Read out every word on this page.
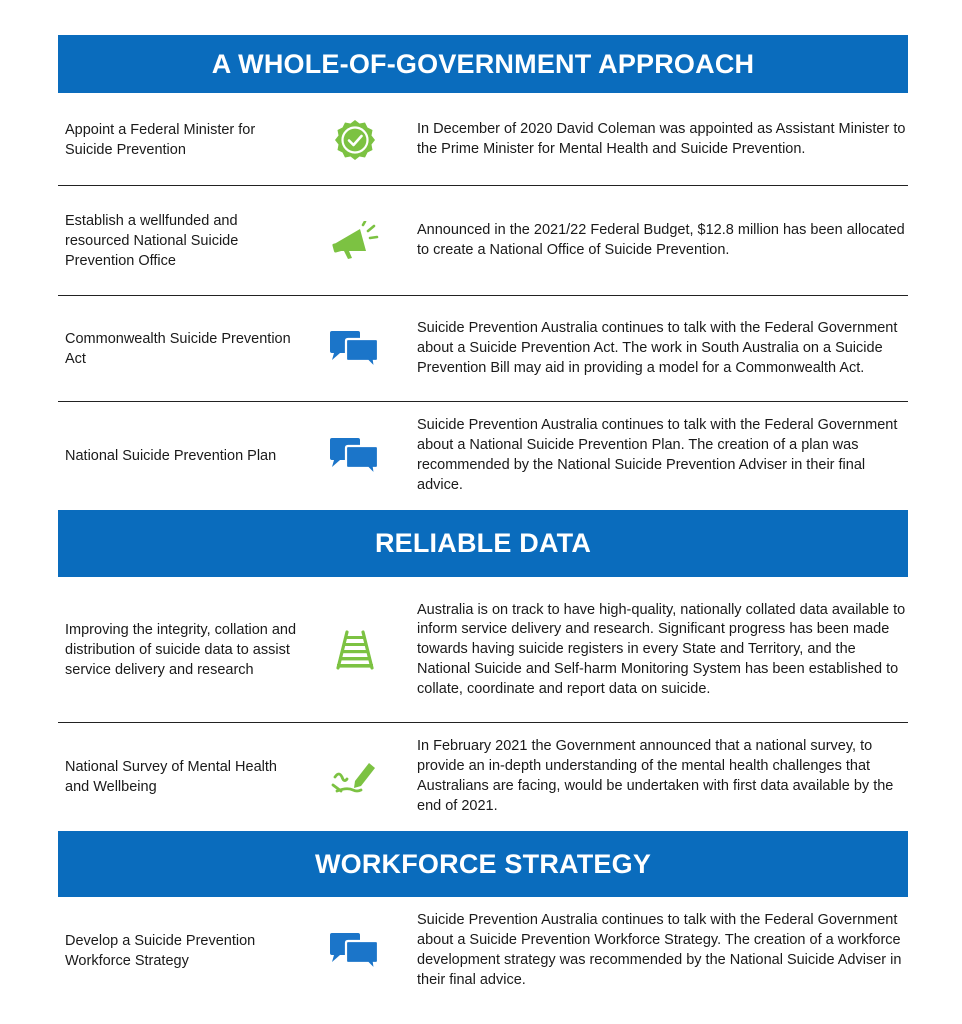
A WHOLE-OF-GOVERNMENT APPROACH
Appoint a Federal Minister for Suicide Prevention
In December of 2020 David Coleman was appointed as Assistant Minister to the Prime Minister for Mental Health and Suicide Prevention.
Establish a wellfunded and resourced National Suicide Prevention Office
Announced in the 2021/22 Federal Budget, $12.8 million has been allocated to create a National Office of Suicide Prevention.
Commonwealth Suicide Prevention Act
Suicide Prevention Australia continues to talk with the Federal Government about a Suicide Prevention Act. The work in South Australia on a Suicide Prevention Bill may aid in providing a model for a Commonwealth Act.
National Suicide Prevention Plan
Suicide Prevention Australia continues to talk with the Federal Government about a National Suicide Prevention Plan. The creation of a plan was recommended by the National Suicide Prevention Adviser in their final advice.
RELIABLE DATA
Improving the integrity, collation and distribution of suicide data to assist service delivery and research
Australia is on track to have high-quality, nationally collated data available to inform service delivery and research. Significant progress has been made towards having suicide registers in every State and Territory, and the National Suicide and Self-harm Monitoring System has been established to collate, coordinate and report data on suicide.
National Survey of Mental Health and Wellbeing
In February 2021 the Government announced that a national survey, to provide an in-depth understanding of the mental health challenges that Australians are facing, would be undertaken with first data available by the end of 2021.
WORKFORCE STRATEGY
Develop a Suicide Prevention Workforce Strategy
Suicide Prevention Australia continues to talk with the Federal Government about a Suicide Prevention Workforce Strategy. The creation of a workforce development strategy was recommended by the National Suicide Adviser in their final advice.
